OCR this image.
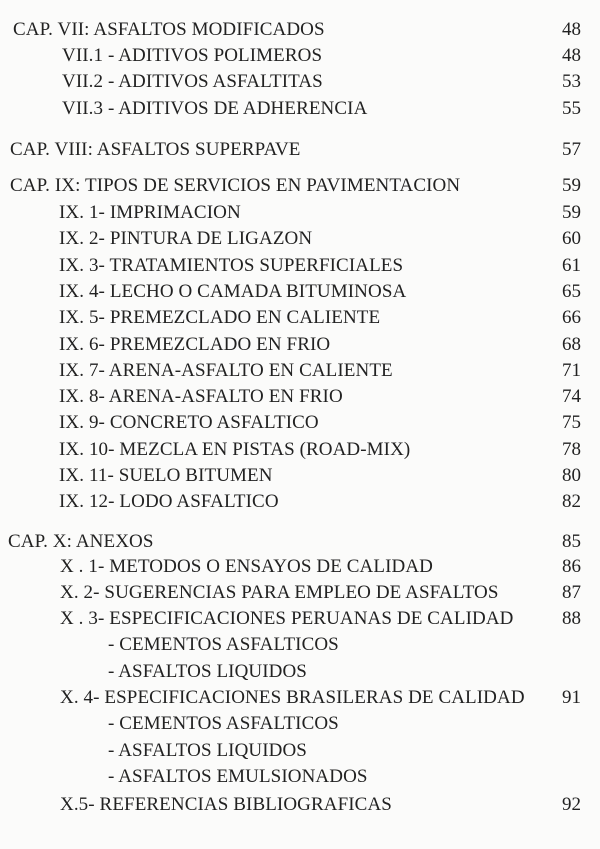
CAP. VII: ASFALTOS MODIFICADOS	48
VII.1 - ADITIVOS POLIMEROS	48
VII.2 - ADITIVOS ASFALTITAS	53
VII.3 - ADITIVOS DE ADHERENCIA	55
CAP. VIII: ASFALTOS SUPERPAVE	57
CAP. IX: TIPOS DE SERVICIOS EN PAVIMENTACION	59
IX. 1- IMPRIMACION	59
IX. 2- PINTURA DE LIGAZON	60
IX. 3- TRATAMIENTOS SUPERFICIALES	61
IX. 4- LECHO O CAMADA BITUMINOSA	65
IX. 5- PREMEZCLADO EN CALIENTE	66
IX. 6- PREMEZCLADO EN FRIO	68
IX. 7- ARENA-ASFALTO EN CALIENTE	71
IX. 8- ARENA-ASFALTO EN FRIO	74
IX. 9- CONCRETO ASFALTICO	75
IX. 10- MEZCLA EN PISTAS (ROAD-MIX)	78
IX. 11- SUELO BITUMEN	80
IX. 12- LODO ASFALTICO	82
CAP. X: ANEXOS	85
X . 1- METODOS O ENSAYOS DE CALIDAD	86
X. 2- SUGERENCIAS PARA EMPLEO DE ASFALTOS	87
X . 3- ESPECIFICACIONES PERUANAS DE CALIDAD	88
- CEMENTOS ASFALTICOS
- ASFALTOS LIQUIDOS
X. 4- ESPECIFICACIONES BRASILERAS DE CALIDAD 91
- CEMENTOS ASFALTICOS
- ASFALTOS LIQUIDOS
- ASFALTOS EMULSIONADOS
X.5- REFERENCIAS BIBLIOGRAFICAS	92
